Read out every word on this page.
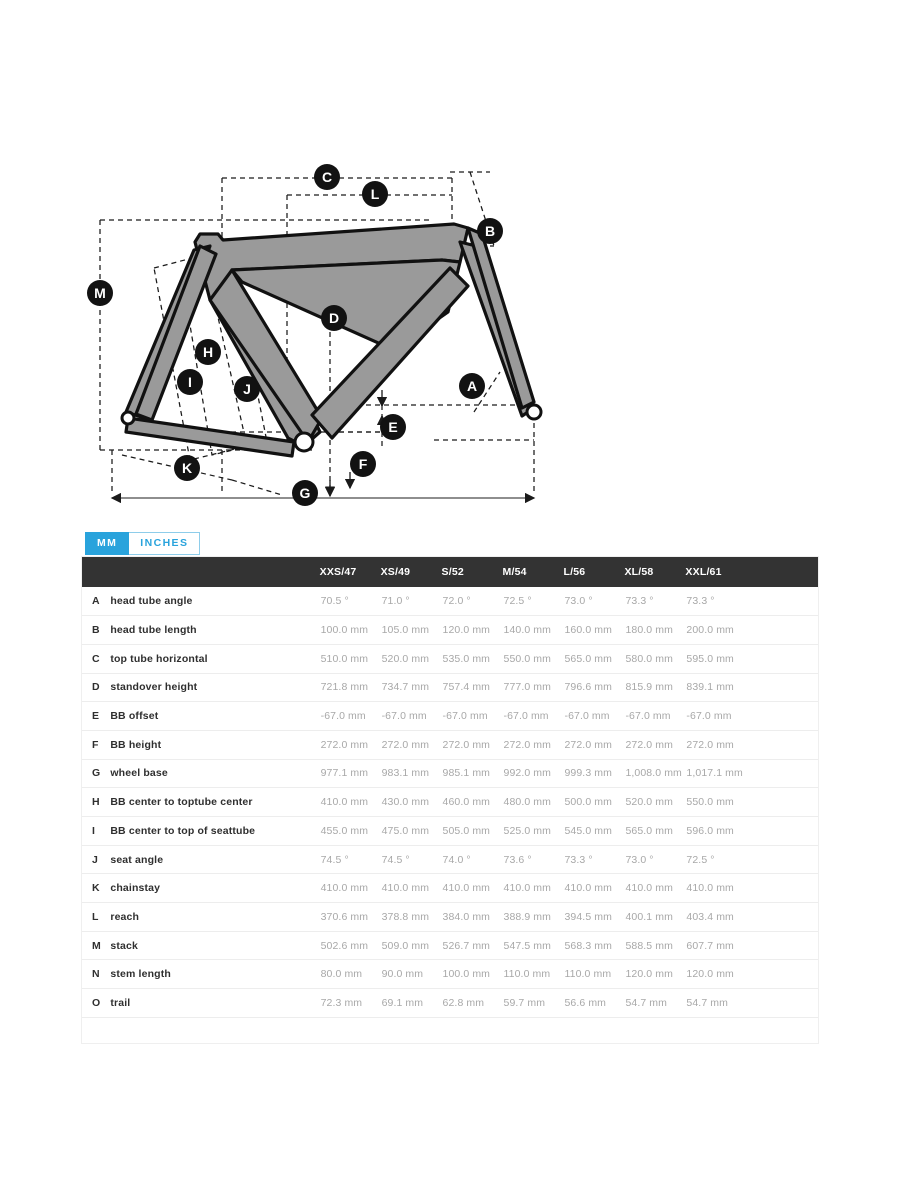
A
B
C
D
E
F
G
H
I	J
K
L
M
MM	INCHES
		XXS/47	XS/49	S/52	M/54	L/56	XL/58	XXL/61	
A	head tube angle	70.5 °	71.0 °	72.0 °	72.5 °	73.0 °	73.3 °	73.3 °	
B	head tube length	100.0 mm	105.0 mm	120.0 mm	140.0 mm	160.0 mm	180.0 mm	200.0 mm	
C	top tube horizontal	510.0 mm	520.0 mm	535.0 mm	550.0 mm	565.0 mm	580.0 mm	595.0 mm	
D	standover height	721.8 mm	734.7 mm	757.4 mm	777.0 mm	796.6 mm	815.9 mm	839.1 mm	
E	BB offset	-67.0 mm	-67.0 mm	-67.0 mm	-67.0 mm	-67.0 mm	-67.0 mm	-67.0 mm	
F	BB height	272.0 mm	272.0 mm	272.0 mm	272.0 mm	272.0 mm	272.0 mm	272.0 mm	
G	wheel base	977.1 mm	983.1 mm	985.1 mm	992.0 mm	999.3 mm	1,008.0 mm	1,017.1 mm	
H	BB center to toptube center	410.0 mm	430.0 mm	460.0 mm	480.0 mm	500.0 mm	520.0 mm	550.0 mm	
I	BB center to top of seattube	455.0 mm	475.0 mm	505.0 mm	525.0 mm	545.0 mm	565.0 mm	596.0 mm	
J	seat angle	74.5 °	74.5 °	74.0 °	73.6 °	73.3 °	73.0 °	72.5 °	
K	chainstay	410.0 mm	410.0 mm	410.0 mm	410.0 mm	410.0 mm	410.0 mm	410.0 mm	
L	reach	370.6 mm	378.8 mm	384.0 mm	388.9 mm	394.5 mm	400.1 mm	403.4 mm	
M	stack	502.6 mm	509.0 mm	526.7 mm	547.5 mm	568.3 mm	588.5 mm	607.7 mm	
N	stem length	80.0 mm	90.0 mm	100.0 mm	110.0 mm	110.0 mm	120.0 mm	120.0 mm	
O	trail	72.3 mm	69.1 mm	62.8 mm	59.7 mm	56.6 mm	54.7 mm	54.7 mm	
